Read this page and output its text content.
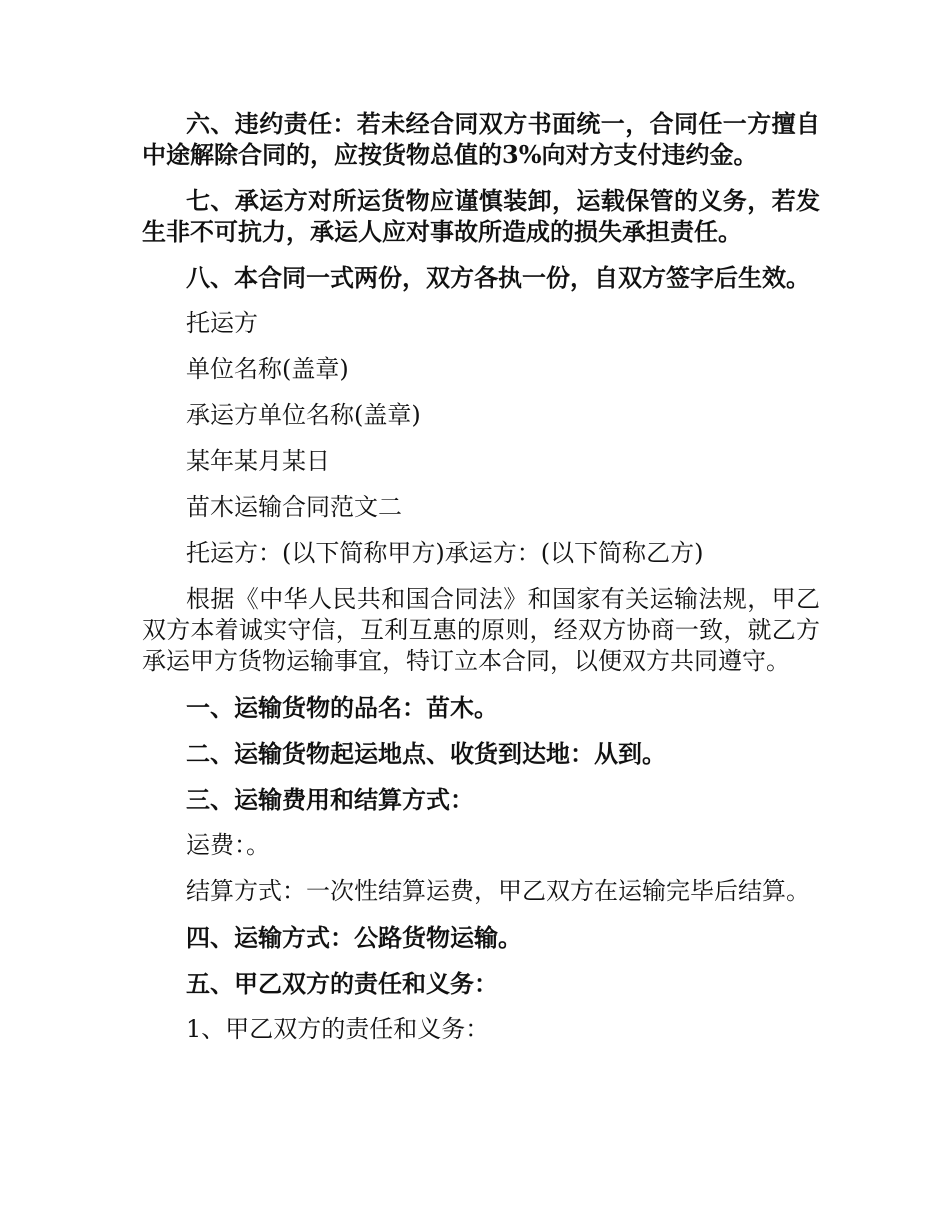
六、违约责任：若未经合同双方书面统一，合同任一方擅自中途解除合同的，应按货物总值的3%向对方支付违约金。

七、承运方对所运货物应谨慎装卸，运载保管的义务，若发生非不可抗力，承运人应对事故所造成的损失承担责任。

八、本合同一式两份，双方各执一份，自双方签字后生效。

托运方

单位名称(盖章)

承运方单位名称(盖章)

某年某月某日

苗木运输合同范文二

托运方：(以下简称甲方)承运方：(以下简称乙方)

根据《中华人民共和国合同法》和国家有关运输法规，甲乙双方本着诚实守信，互利互惠的原则，经双方协商一致，就乙方承运甲方货物运输事宜，特订立本合同，以便双方共同遵守。

一、运输货物的品名：苗木。

二、运输货物起运地点、收货到达地：从到。

三、运输费用和结算方式：

运费：。

结算方式：一次性结算运费，甲乙双方在运输完毕后结算。

四、运输方式：公路货物运输。

五、甲乙双方的责任和义务：

1、甲乙双方的责任和义务：
